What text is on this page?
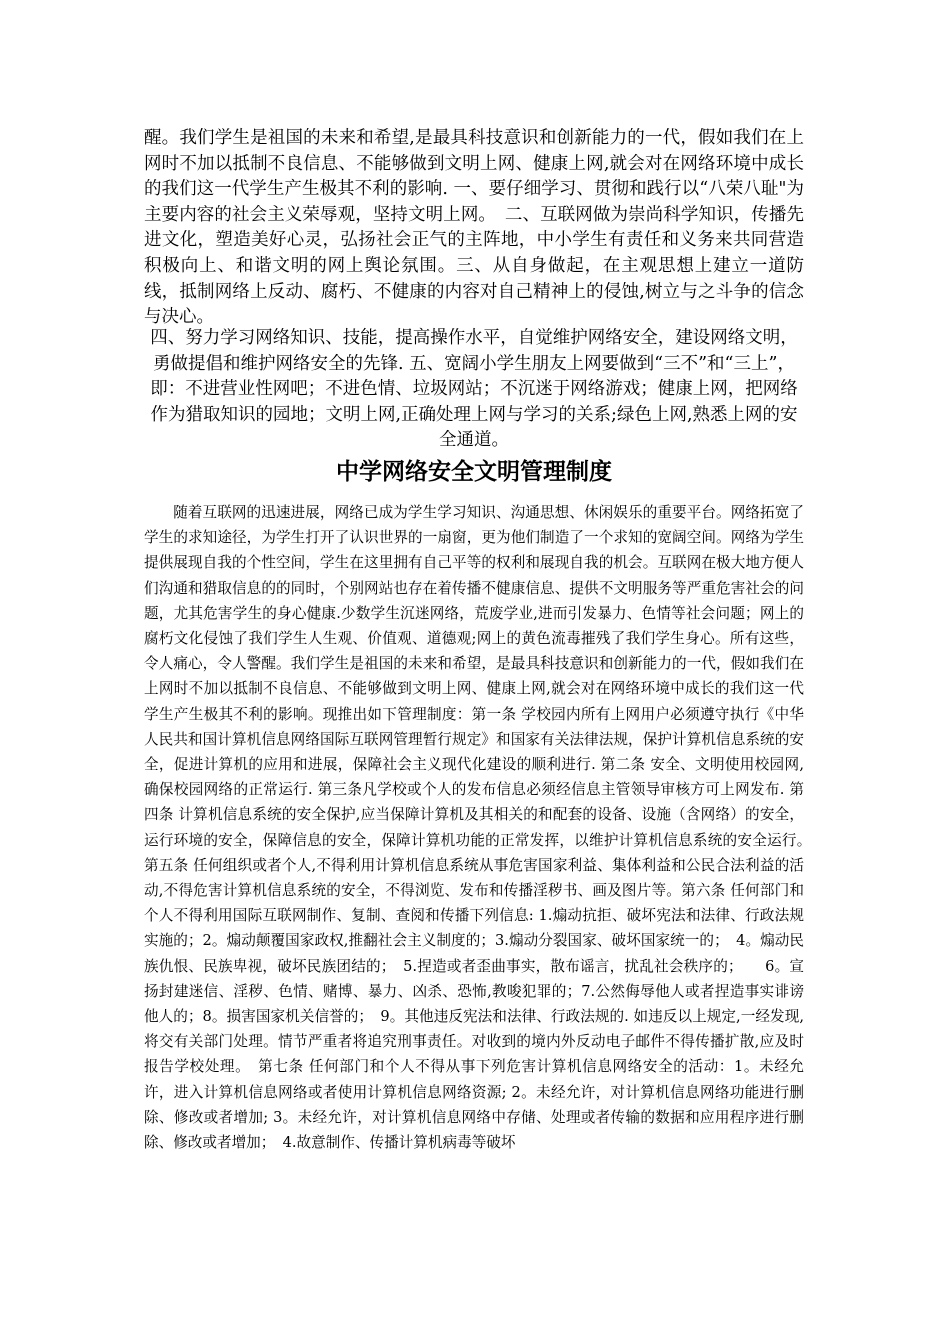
醒。我们学生是祖国的未来和希望,是最具科技意识和创新能力的一代，假如我们在上网时不加以抵制不良信息、不能够做到文明上网、健康上网,就会对在网络环境中成长的我们这一代学生产生极其不利的影响. 一、要仔细学习、贯彻和践行以“八荣八耻"为主要内容的社会主义荣辱观，坚持文明上网。　二、互联网做为崇尚科学知识，传播先进文化，塑造美好心灵，弘扬社会正气的主阵地，中小学生有责任和义务来共同营造积极向上、和谐文明的网上舆论氛围。三、从自身做起，在主观思想上建立一道防线，抵制网络上反动、腐朽、不健康的内容对自己精神上的侵蚀,树立与之斗争的信念与决心。

四、努力学习网络知识、技能，提高操作水平，自觉维护网络安全，建设网络文明，勇做提倡和维护网络安全的先锋. 五、宽阔小学生朋友上网要做到“三不”和“三上”，即：不进营业性网吧；不进色情、垃圾网站；不沉迷于网络游戏；健康上网，把网络作为猎取知识的园地；文明上网,正确处理上网与学习的关系;绿色上网,熟悉上网的安全通道。

中学网络安全文明管理制度

随着互联网的迅速进展，网络已成为学生学习知识、沟通思想、休闲娱乐的重要平台。网络拓宽了学生的求知途径，为学生打开了认识世界的一扇窗，更为他们制造了一个求知的宽阔空间。网络为学生提供展现自我的个性空间，学生在这里拥有自己平等的权利和展现自我的机会。互联网在极大地方便人们沟通和猎取信息的的同时，个别网站也存在着传播不健康信息、提供不文明服务等严重危害社会的问题，尤其危害学生的身心健康.少数学生沉迷网络，荒废学业,进而引发暴力、色情等社会问题；网上的腐朽文化侵蚀了我们学生人生观、价值观、道德观;网上的黄色流毒摧残了我们学生身心。所有这些，令人痛心，令人警醒。我们学生是祖国的未来和希望，是最具科技意识和创新能力的一代，假如我们在上网时不加以抵制不良信息、不能够做到文明上网、健康上网,就会对在网络环境中成长的我们这一代学生产生极其不利的影响。现推出如下管理制度：第一条 学校园内所有上网用户必须遵守执行《中华人民共和国计算机信息网络国际互联网管理暂行规定》和国家有关法律法规，保护计算机信息系统的安全，促进计算机的应用和进展，保障社会主义现代化建设的顺利进行. 第二条 安全、文明使用校园网,确保校园网络的正常运行. 第三条凡学校或个人的发布信息必须经信息主管领导审核方可上网发布. 第四条 计算机信息系统的安全保护,应当保障计算机及其相关的和配套的设备、设施（含网络）的安全，运行环境的安全，保障信息的安全，保障计算机功能的正常发挥，以维护计算机信息系统的安全运行。　第五条 任何组织或者个人,不得利用计算机信息系统从事危害国家利益、集体利益和公民合法利益的活动,不得危害计算机信息系统的安全，不得浏览、发布和传播淫秽书、画及图片等。第六条 任何部门和个人不得利用国际互联网制作、复制、查阅和传播下列信息: 1.煽动抗拒、破坏宪法和法律、行政法规实施的；2。煽动颠覆国家政权,推翻社会主义制度的；3.煽动分裂国家、破坏国家统一的；　4。煽动民族仇恨、民族卑视，破坏民族团结的；　5.捏造或者歪曲事实，散布谣言，扰乱社会秩序的；　　6。宣扬封建迷信、淫秽、色情、赌博、暴力、凶杀、恐怖,教唆犯罪的；7.公然侮辱他人或者捏造事实诽谤他人的；8。损害国家机关信誉的；　9。其他违反宪法和法律、行政法规的. 如违反以上规定,一经发现,将交有关部门处理。情节严重者将追究刑事责任。对收到的境内外反动电子邮件不得传播扩散,应及时报告学校处理。　第七条 任何部门和个人不得从事下列危害计算机信息网络安全的活动：1。未经允许，进入计算机信息网络或者使用计算机信息网络资源; 2。未经允许，对计算机信息网络功能进行删除、修改或者增加; 3。未经允许，对计算机信息网络中存储、处理或者传输的数据和应用程序进行删除、修改或者增加；　4.故意制作、传播计算机病毒等破坏
